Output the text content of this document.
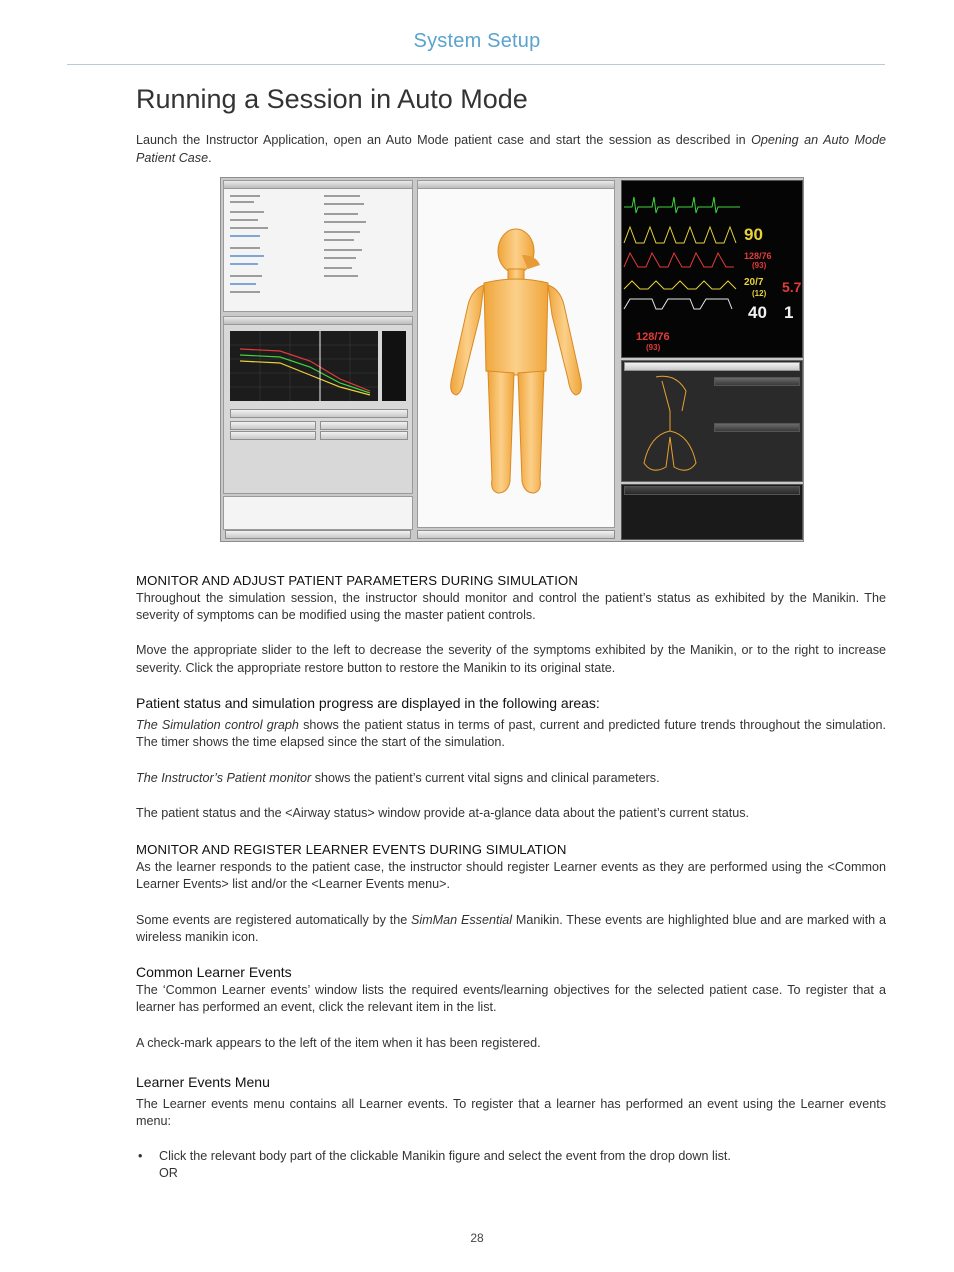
System Setup
Running a Session in Auto Mode

Launch the Instructor Application, open an Auto Mode patient case and start the session as described in Opening an Auto Mode Patient Case.

90
128/76
(93)
20/7
(12) 5.7
40 1
128/76
(93)
MONITOR AND ADJUST PATIENT PARAMETERS DURING SIMULATION

Throughout the simulation session, the instructor should monitor and control the patient’s status as exhibited by the Manikin. The severity of symptoms can be modified using the master patient controls.

Move the appropriate slider to the left to decrease the severity of the symptoms exhibited by the Manikin, or to the right to increase severity. Click the appropriate restore button to restore the Manikin to its original state.

Patient status and simulation progress are displayed in the following areas:

The Simulation control graph shows the patient status in terms of past, current and predicted future trends throughout the simulation. The timer shows the time elapsed since the start of the simulation.

The Instructor’s Patient monitor shows the patient’s current vital signs and clinical parameters.

The patient status and the <Airway status> window provide at-a-glance data about the patient’s current status.

MONITOR AND REGISTER LEARNER EVENTS DURING SIMULATION

As the learner responds to the patient case, the instructor should register Learner events as they are performed using the <Common Learner Events> list and/or the <Learner Events menu>.

Some events are registered automatically by the SimMan Essential Manikin. These events are highlighted blue and are marked with a wireless manikin icon.

Common Learner Events

The ‘Common Learner events’ window lists the required events/learning objectives for the selected patient case. To register that a learner has performed an event, click the relevant item in the list.

A check-mark appears to the left of the item when it has been registered.

Learner Events Menu

The Learner events menu contains all Learner events. To register that a learner has performed an event using the Learner events menu:

• Click the relevant body part of the clickable Manikin figure and select the event from the drop down list.
OR
28
